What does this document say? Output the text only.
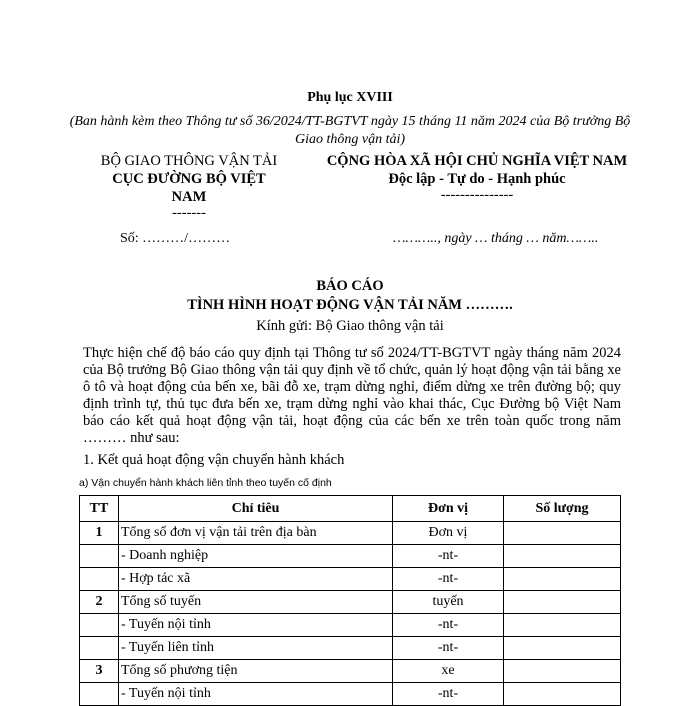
Phụ lục XVIII
(Ban hành kèm theo Thông tư số 36/2024/TT-BGTVT ngày 15 tháng 11 năm 2024 của Bộ trưởng Bộ Giao thông vận tải)
BỘ GIAO THÔNG VẬN TẢI
CỤC ĐƯỜNG BỘ VIỆT NAM
-------
CỘNG HÒA XÃ HỘI CHỦ NGHĨA VIỆT NAM
Độc lập - Tự do - Hạnh phúc
---------------
Số: ………/………	……….., ngày … tháng … năm……..
BÁO CÁO
TÌNH HÌNH HOẠT ĐỘNG VẬN TẢI NĂM ……….
Kính gửi: Bộ Giao thông vận tải

Thực hiện chế độ báo cáo quy định tại Thông tư số 2024/TT-BGTVT ngày tháng năm 2024 của Bộ trưởng Bộ Giao thông vận tải quy định về tổ chức, quản lý hoạt động vận tải bằng xe ô tô và hoạt động của bến xe, bãi đỗ xe, trạm dừng nghỉ, điểm dừng xe trên đường bộ; quy định trình tự, thủ tục đưa bến xe, trạm dừng nghỉ vào khai thác, Cục Đường bộ Việt Nam báo cáo kết quả hoạt động vận tải, hoạt động của các bến xe trên toàn quốc trong năm ……… như sau:

1. Kết quả hoạt động vận chuyển hành khách
a) Vận chuyển hành khách liên tỉnh theo tuyến cố định
TT	Chỉ tiêu	Đơn vị	Số lượng
1	Tổng số đơn vị vận tải trên địa bàn	Đơn vị	
	- Doanh nghiệp	-nt-	
	- Hợp tác xã	-nt-	
2	Tổng số tuyến	tuyến	
	- Tuyến nội tỉnh	-nt-	
	- Tuyến liên tỉnh	-nt-	
3	Tổng số phương tiện	xe	
	- Tuyến nội tỉnh	-nt-	
